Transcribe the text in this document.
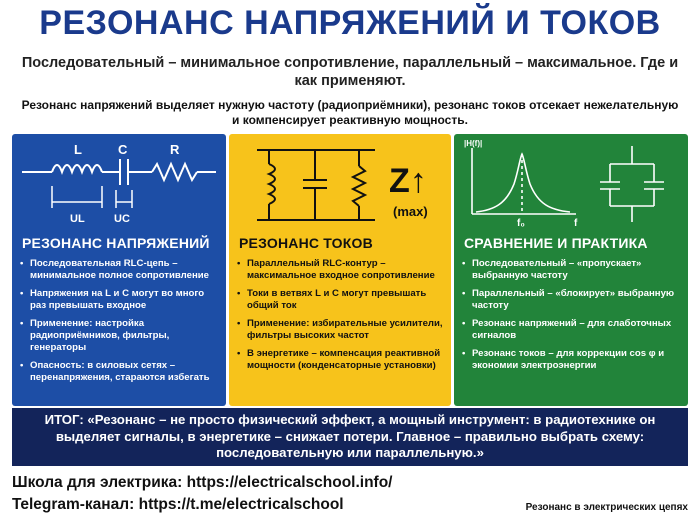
РЕЗОНАНС НАПРЯЖЕНИЙ И ТОКОВ
Последовательный – минимальное сопротивление, параллельный – максимальное. Где и как применяют.
Резонанс напряжений выделяет нужную частоту (радиоприёмники), резонанс токов отсекает нежелательную и компенсирует реактивную мощность.
L	C	R
UL	UC
РЕЗОНАНС НАПРЯЖЕНИЙ
• Последовательная RLC-цепь – минимальное полное сопротивление
• Напряжения на L и C могут во много раз превышать входное
• Применение: настройка радиоприёмников, фильтры, генераторы
• Опасность: в силовых сетях – перенапряжения, стараются избегать
Z↑
(max)
РЕЗОНАНС ТОКОВ
• Параллельный RLC-контур – максимальное входное сопротивление
• Токи в ветвях L и C могут превышать общий ток
• Применение: избирательные усилители, фильтры высоких частот
• В энергетике – компенсация реактивной мощности (конденсаторные установки)
|H(f)|
f
f₀
СРАВНЕНИЕ И ПРАКТИКА
• Последовательный – «пропускает» выбранную частоту
• Параллельный – «блокирует» выбранную частоту
• Резонанс напряжений – для слаботочных сигналов
• Резонанс токов – для коррекции cos φ и экономии электроэнергии
ИТОГ: «Резонанс – не просто физический эффект, а мощный инструмент: в радиотехнике он выделяет сигналы, в энергетике – снижает потери. Главное – правильно выбрать схему: последовательную или параллельную.»
Школа для электрика: https://electricalschool.info/
Telegram-канал: https://t.me/electricalschool	Резонанс в электрических цепях
